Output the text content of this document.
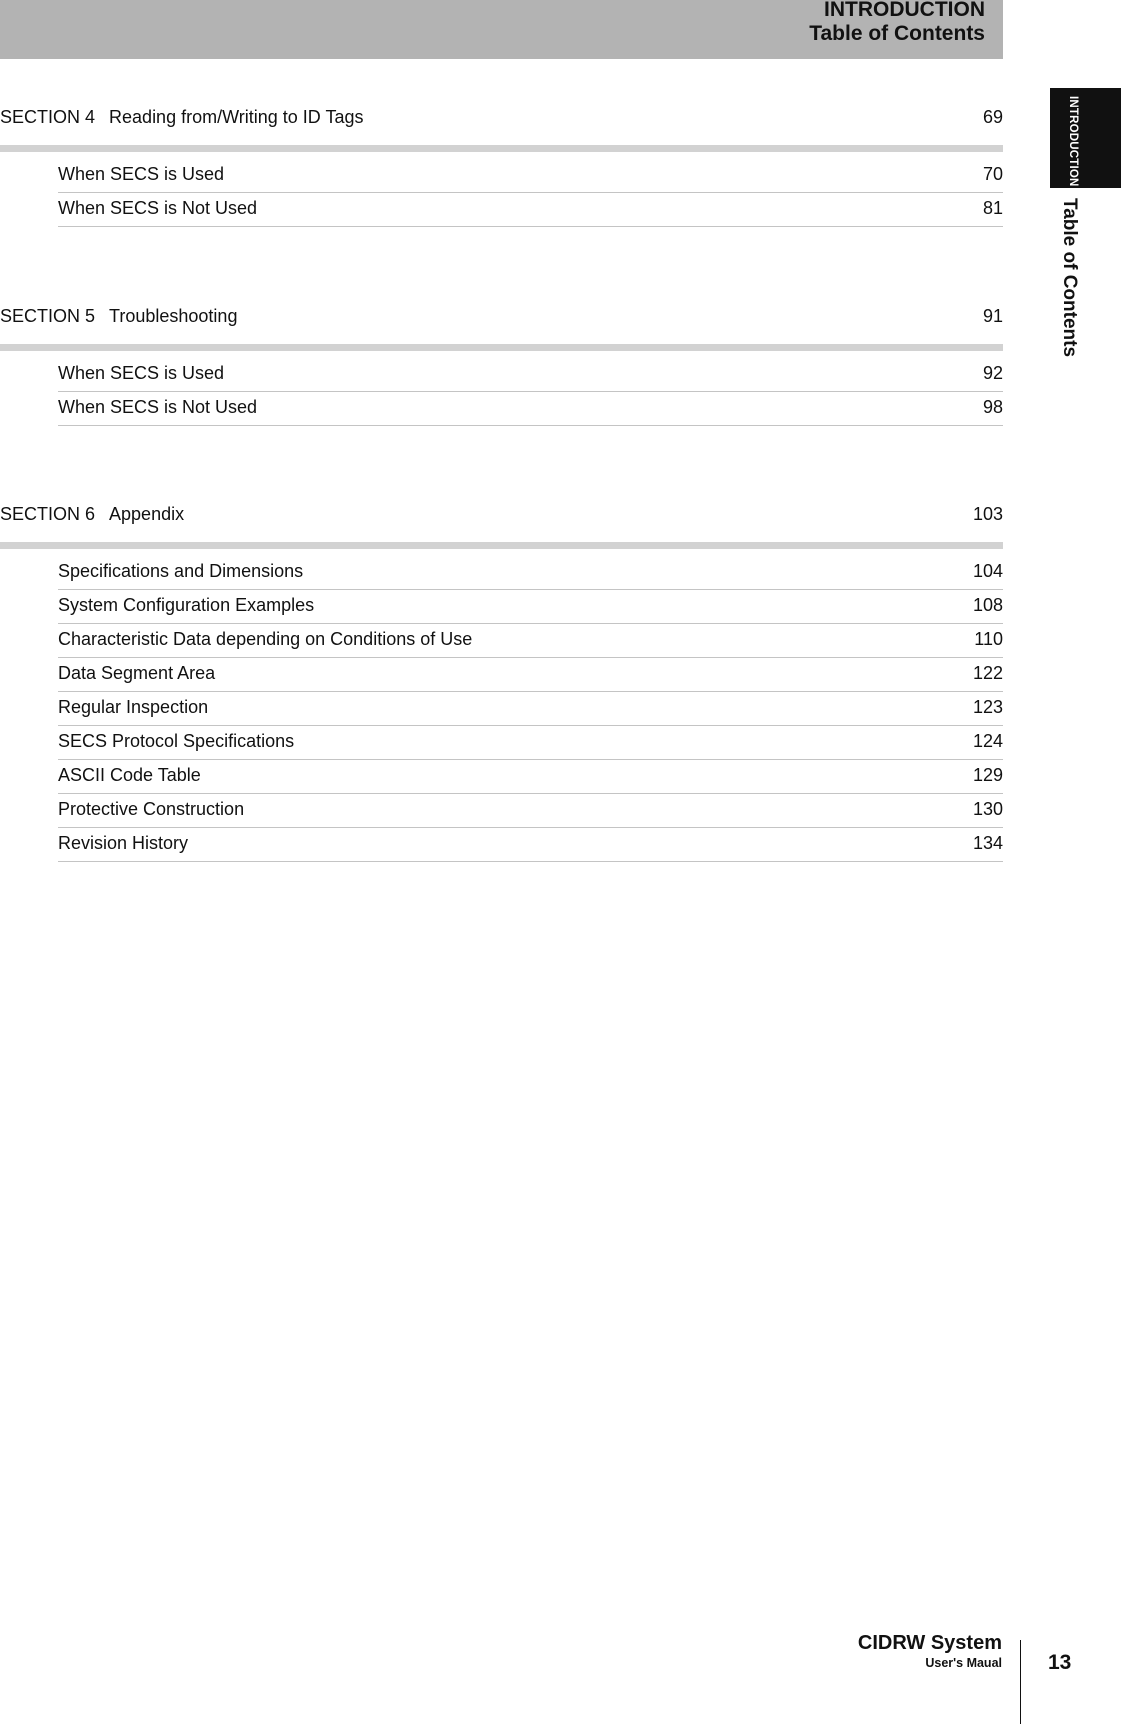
INTRODUCTION
Table of Contents
INTRODUCTION
Table of Contents
SECTION 4 Reading from/Writing to ID Tags	69
When SECS is Used	70
When SECS is Not Used	81
SECTION 5 Troubleshooting	91
When SECS is Used	92
When SECS is Not Used	98
SECTION 6 Appendix	103
Specifications and Dimensions	104
System Configuration Examples	108
Characteristic Data depending on Conditions of Use	110
Data Segment Area	122
Regular Inspection	123
SECS Protocol Specifications	124
ASCII Code Table	129
Protective Construction	130
Revision History	134
CIDRW System
User's Maual 13
